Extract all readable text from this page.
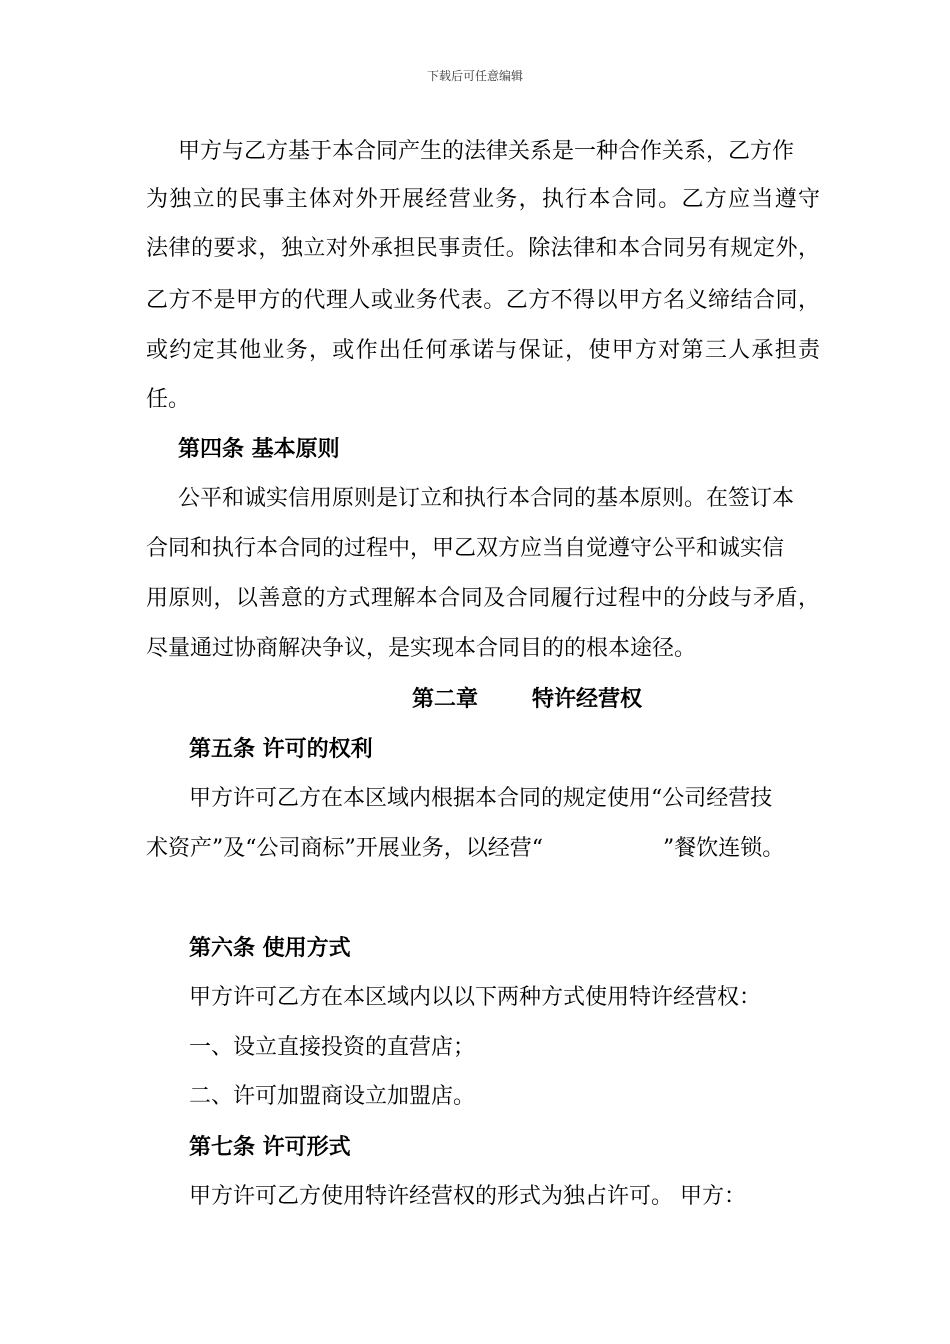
下载后可任意编辑
甲方与乙方基于本合同产生的法律关系是一种合作关系，乙方作
为独立的民事主体对外开展经营业务，执行本合同。乙方应当遵守
法律的要求，独立对外承担民事责任。除法律和本合同另有规定外，
乙方不是甲方的代理人或业务代表。乙方不得以甲方名义缔结合同，
或约定其他业务，或作出任何承诺与保证，使甲方对第三人承担责
任。
第四条 基本原则
公平和诚实信用原则是订立和执行本合同的基本原则。在签订本
合同和执行本合同的过程中，甲乙双方应当自觉遵守公平和诚实信
用原则，以善意的方式理解本合同及合同履行过程中的分歧与矛盾，
尽量通过协商解决争议，是实现本合同目的的根本途径。
第二章 特许经营权
第五条 许可的权利
甲方许可乙方在本区域内根据本合同的规定使用“公司经营技
术资产”及“公司商标”开展业务，以经营“	”餐饮连锁。
第六条 使用方式
甲方许可乙方在本区域内以以下两种方式使用特许经营权：
一、设立直接投资的直营店；
二、许可加盟商设立加盟店。
第七条 许可形式
甲方许可乙方使用特许经营权的形式为独占许可。 甲方：
